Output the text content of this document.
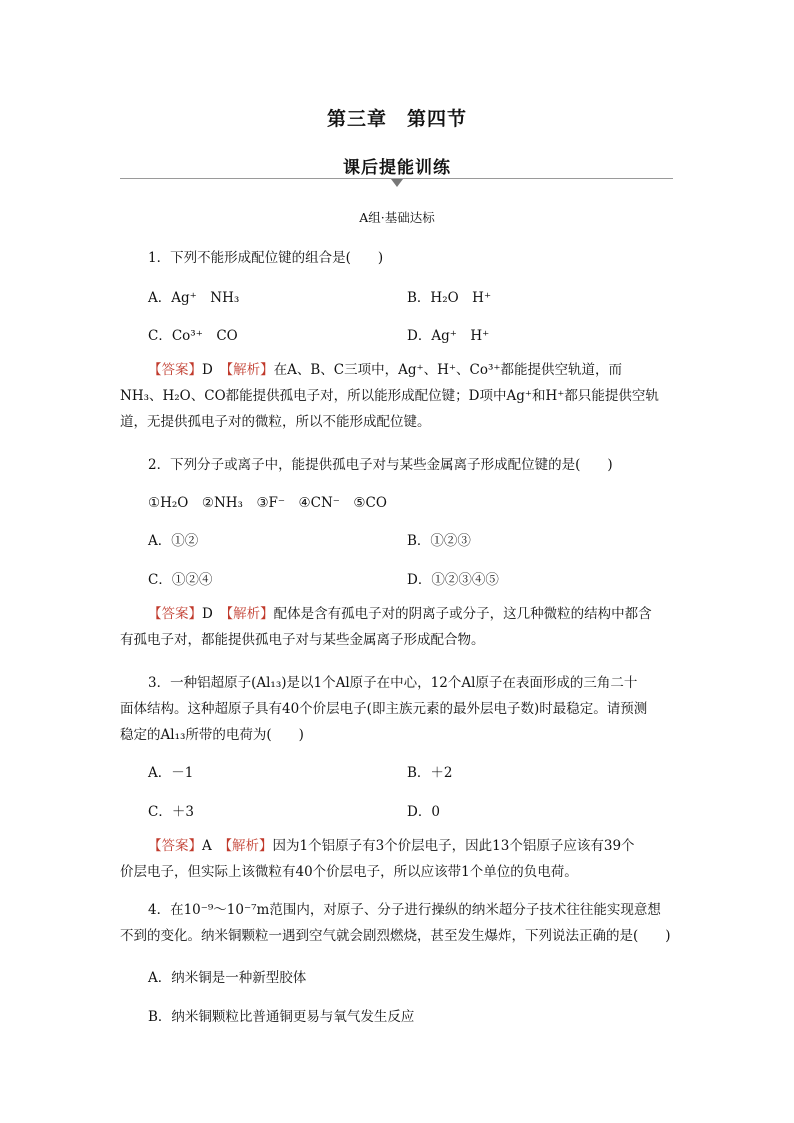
第三章　第四节
课后提能训练
A组·基础达标
1．下列不能形成配位键的组合是(　　)
A．Ag⁺　NH₃	B．H₂O　H⁺
C．Co³⁺　CO	D．Ag⁺　H⁺
【答案】D　 【解析】在A、B、C三项中，Ag⁺、H⁺、Co³⁺都能提供空轨道，而
NH₃、H₂O、CO都能提供孤电子对，所以能形成配位键；D项中Ag⁺和H⁺都只能提供空轨
道，无提供孤电子对的微粒，所以不能形成配位键。
2．下列分子或离子中，能提供孤电子对与某些金属离子形成配位键的是(　　)
①H₂O　②NH₃　③F⁻　④CN⁻　⑤CO
A．①②	B．①②③
C．①②④	D．①②③④⑤
【答案】D　 【解析】配体是含有孤电子对的阴离子或分子，这几种微粒的结构中都含
有孤电子对，都能提供孤电子对与某些金属离子形成配合物。
3．一种铝超原子(Al₁₃)是以1个Al原子在中心，12个Al原子在表面形成的三角二十
面体结构。这种超原子具有40个价层电子(即主族元素的最外层电子数)时最稳定。请预测
稳定的Al₁₃所带的电荷为(　　)
A．－1	B．＋2
C．＋3	D．0
【答案】A　 【解析】因为1个铝原子有3个价层电子，因此13个铝原子应该有39个
价层电子，但实际上该微粒有40个价层电子，所以应该带1个单位的负电荷。
4．在10⁻⁹～10⁻⁷m范围内，对原子、分子进行操纵的纳米超分子技术往往能实现意想
不到的变化。纳米铜颗粒一遇到空气就会剧烈燃烧，甚至发生爆炸，下列说法正确的是(　　)
A．纳米铜是一种新型胶体
B．纳米铜颗粒比普通铜更易与氧气发生反应
